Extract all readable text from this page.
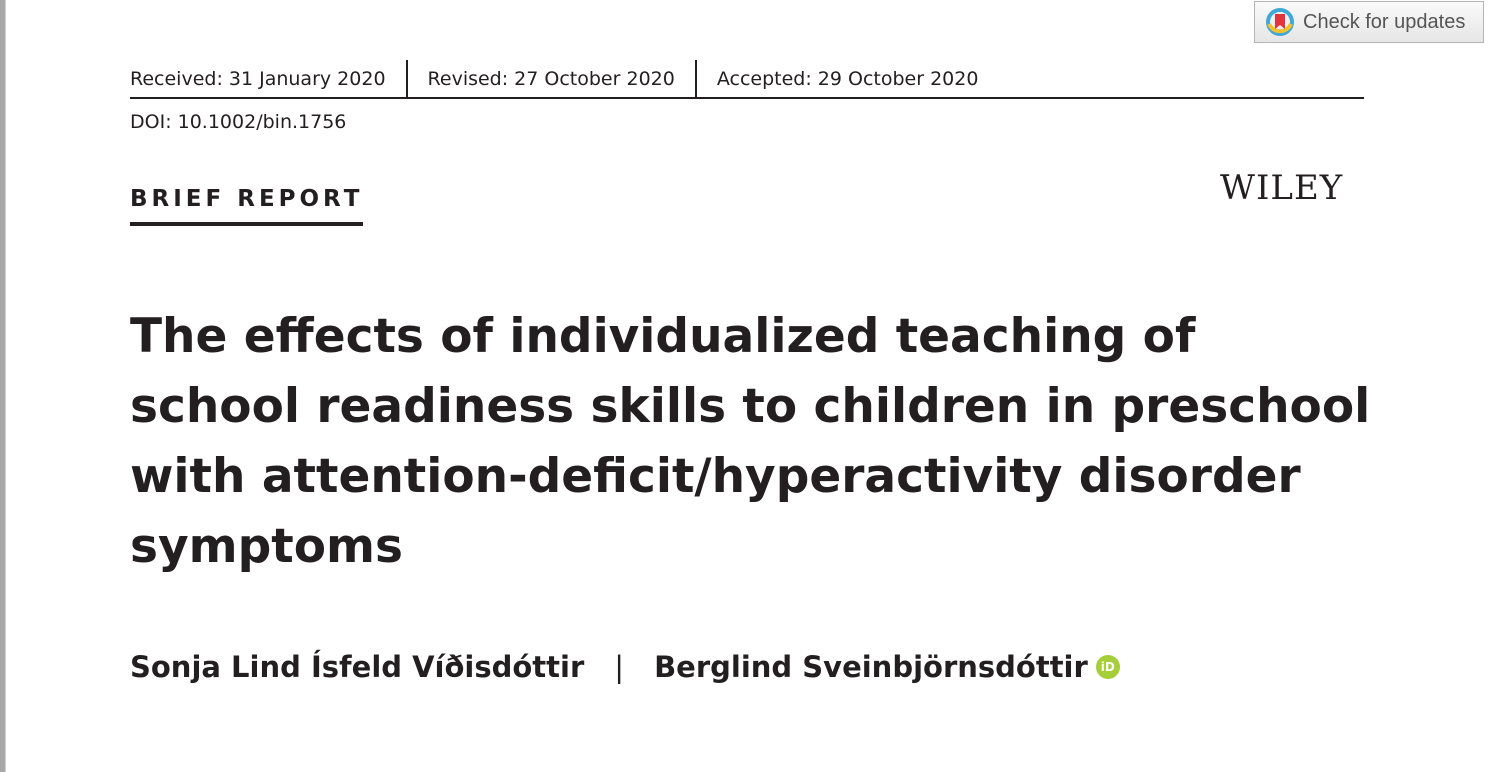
Check for updates
Received: 31 January 2020	Revised: 27 October 2020	Accepted: 29 October 2020
DOI: 10.1002/bin.1756
BRIEF REPORT	WILEY
The effects of individualized teaching of school readiness skills to children in preschool with attention-deficit/hyperactivity disorder symptoms
Sonja Lind Ísfeld Víðisdóttir | Berglind Sveinbjörnsdóttir	iD
